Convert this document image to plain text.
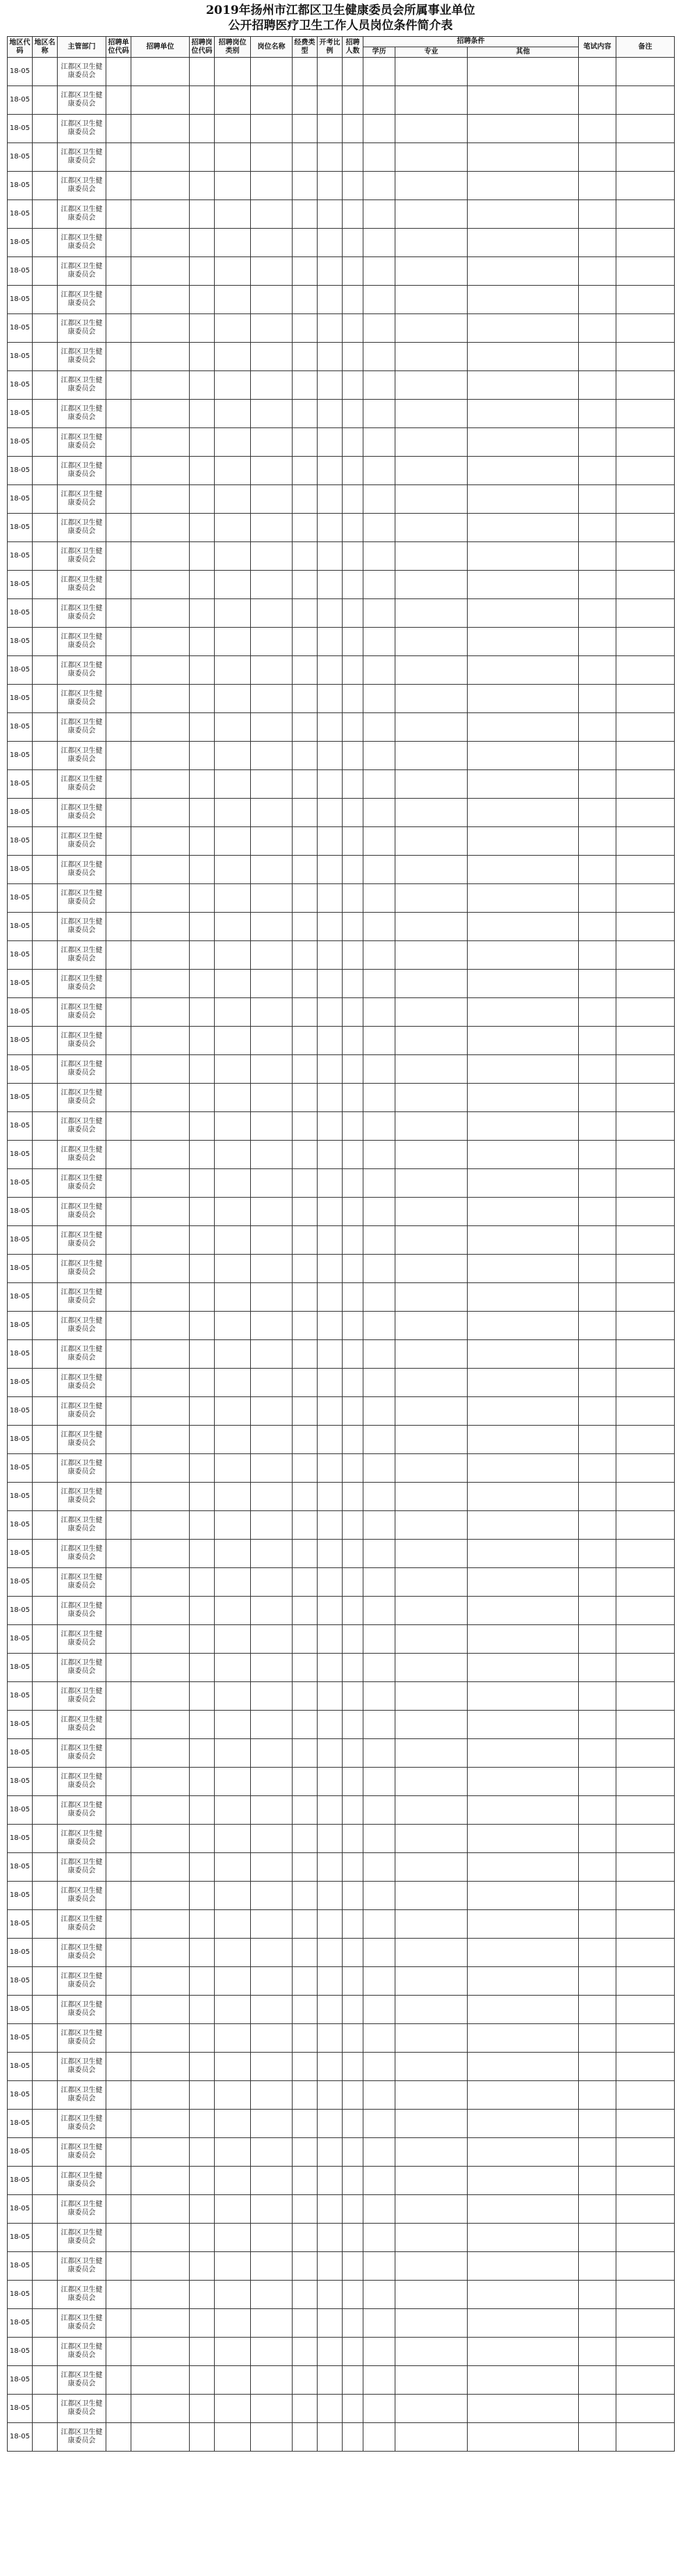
2019年扬州市江都区卫生健康委员会所属事业单位
公开招聘医疗卫生工作人员岗位条件简介表
地区代码	地区名称	主管部门	招聘单位代码	招聘单位	招聘岗位代码	招聘岗位类别	岗位名称	经费类型	开考比例	招聘人数	招聘条件			笔试内容	备注
											学历	专业	其他		
18-05		江都区卫生健康委员会													
18-05		江都区卫生健康委员会													
18-05		江都区卫生健康委员会													
18-05		江都区卫生健康委员会													
18-05		江都区卫生健康委员会													
18-05		江都区卫生健康委员会													
18-05		江都区卫生健康委员会													
18-05		江都区卫生健康委员会													
18-05		江都区卫生健康委员会													
18-05		江都区卫生健康委员会													
18-05		江都区卫生健康委员会													
18-05		江都区卫生健康委员会													
18-05		江都区卫生健康委员会													
18-05		江都区卫生健康委员会													
18-05		江都区卫生健康委员会													
18-05		江都区卫生健康委员会													
18-05		江都区卫生健康委员会													
18-05		江都区卫生健康委员会													
18-05		江都区卫生健康委员会													
18-05		江都区卫生健康委员会													
18-05		江都区卫生健康委员会													
18-05		江都区卫生健康委员会													
18-05		江都区卫生健康委员会													
18-05		江都区卫生健康委员会													
18-05		江都区卫生健康委员会													
18-05		江都区卫生健康委员会													
18-05		江都区卫生健康委员会													
18-05		江都区卫生健康委员会													
18-05		江都区卫生健康委员会													
18-05		江都区卫生健康委员会													
18-05		江都区卫生健康委员会													
18-05		江都区卫生健康委员会													
18-05		江都区卫生健康委员会													
18-05		江都区卫生健康委员会													
18-05		江都区卫生健康委员会													
18-05		江都区卫生健康委员会													
18-05		江都区卫生健康委员会													
18-05		江都区卫生健康委员会													
18-05		江都区卫生健康委员会													
18-05		江都区卫生健康委员会													
18-05		江都区卫生健康委员会													
18-05		江都区卫生健康委员会													
18-05		江都区卫生健康委员会													
18-05		江都区卫生健康委员会													
18-05		江都区卫生健康委员会													
18-05		江都区卫生健康委员会													
18-05		江都区卫生健康委员会													
18-05		江都区卫生健康委员会													
18-05		江都区卫生健康委员会													
18-05		江都区卫生健康委员会													
18-05		江都区卫生健康委员会													
18-05		江都区卫生健康委员会													
18-05		江都区卫生健康委员会													
18-05		江都区卫生健康委员会													
18-05		江都区卫生健康委员会													
18-05		江都区卫生健康委员会													
18-05		江都区卫生健康委员会													
18-05		江都区卫生健康委员会													
18-05		江都区卫生健康委员会													
18-05		江都区卫生健康委员会													
18-05		江都区卫生健康委员会													
18-05		江都区卫生健康委员会													
18-05		江都区卫生健康委员会													
18-05		江都区卫生健康委员会													
18-05		江都区卫生健康委员会													
18-05		江都区卫生健康委员会													
18-05		江都区卫生健康委员会													
18-05		江都区卫生健康委员会													
18-05		江都区卫生健康委员会													
18-05		江都区卫生健康委员会													
18-05		江都区卫生健康委员会													
18-05		江都区卫生健康委员会													
18-05		江都区卫生健康委员会													
18-05		江都区卫生健康委员会													
18-05		江都区卫生健康委员会													
18-05		江都区卫生健康委员会													
18-05		江都区卫生健康委员会													
18-05		江都区卫生健康委员会													
18-05		江都区卫生健康委员会													
18-05		江都区卫生健康委员会													
18-05		江都区卫生健康委员会													
18-05		江都区卫生健康委员会													
18-05		江都区卫生健康委员会													
18-05		江都区卫生健康委员会													
